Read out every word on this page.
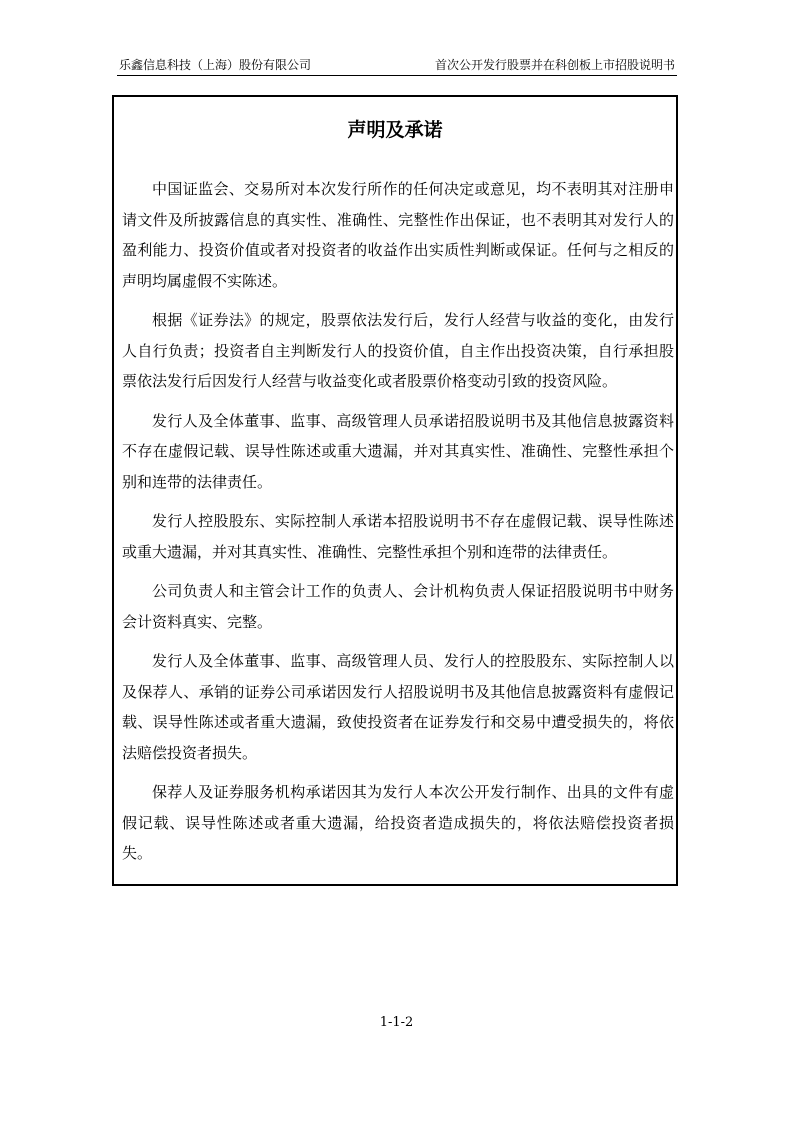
乐鑫信息科技（上海）股份有限公司	首次公开发行股票并在科创板上市招股说明书
声明及承诺

中国证监会、交易所对本次发行所作的任何决定或意见，均不表明其对注册申请文件及所披露信息的真实性、准确性、完整性作出保证，也不表明其对发行人的盈利能力、投资价值或者对投资者的收益作出实质性判断或保证。任何与之相反的声明均属虚假不实陈述。

根据《证券法》的规定，股票依法发行后，发行人经营与收益的变化，由发行人自行负责；投资者自主判断发行人的投资价值，自主作出投资决策，自行承担股票依法发行后因发行人经营与收益变化或者股票价格变动引致的投资风险。

发行人及全体董事、监事、高级管理人员承诺招股说明书及其他信息披露资料不存在虚假记载、误导性陈述或重大遗漏，并对其真实性、准确性、完整性承担个别和连带的法律责任。

发行人控股股东、实际控制人承诺本招股说明书不存在虚假记载、误导性陈述或重大遗漏，并对其真实性、准确性、完整性承担个别和连带的法律责任。

公司负责人和主管会计工作的负责人、会计机构负责人保证招股说明书中财务会计资料真实、完整。

发行人及全体董事、监事、高级管理人员、发行人的控股股东、实际控制人以及保荐人、承销的证券公司承诺因发行人招股说明书及其他信息披露资料有虚假记载、误导性陈述或者重大遗漏，致使投资者在证券发行和交易中遭受损失的，将依法赔偿投资者损失。

保荐人及证券服务机构承诺因其为发行人本次公开发行制作、出具的文件有虚假记载、误导性陈述或者重大遗漏，给投资者造成损失的，将依法赔偿投资者损失。

1-1-2
